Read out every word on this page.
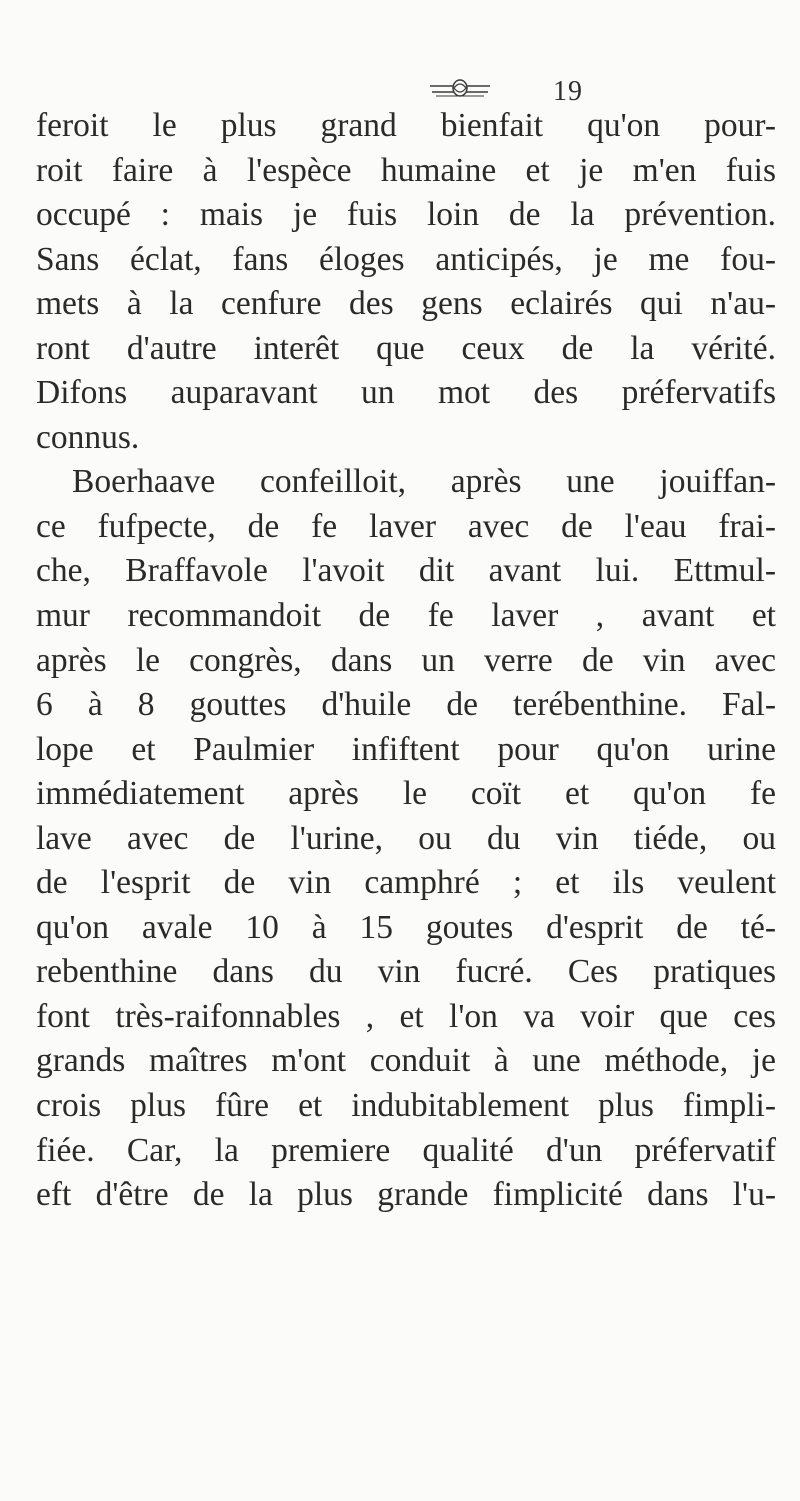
19
feroit le plus grand bienfait qu'on pour-
roit faire à l'espèce humaine et je m'en fuis
occupé : mais je fuis loin de la prévention.
Sans éclat, fans éloges anticipés, je me fou-
mets à la cenfure des gens eclairés qui n'au-
ront d'autre interêt que ceux de la vérité.
Difons auparavant un mot des préfervatifs
connus.
Boerhaave confeilloit, après une jouiffan-
ce fufpecte, de fe laver avec de l'eau frai-
che, Braffavole l'avoit dit avant lui. Ettmul-
mur recommandoit de fe laver , avant et
après le congrès, dans un verre de vin avec
6 à 8 gouttes d'huile de terébenthine. Fal-
lope et Paulmier infiftent pour qu'on urine
immédiatement après le coït et qu'on fe
lave avec de l'urine, ou du vin tiéde, ou
de l'esprit de vin camphré ; et ils veulent
qu'on avale 10 à 15 goutes d'esprit de té-
rebenthine dans du vin fucré. Ces pratiques
font très-raifonnables , et l'on va voir que ces
grands maîtres m'ont conduit à une méthode, je
crois plus fûre et indubitablement plus fimpli-
fiée. Car, la premiere qualité d'un préfervatif
eft d'être de la plus grande fimplicité dans l'u-
